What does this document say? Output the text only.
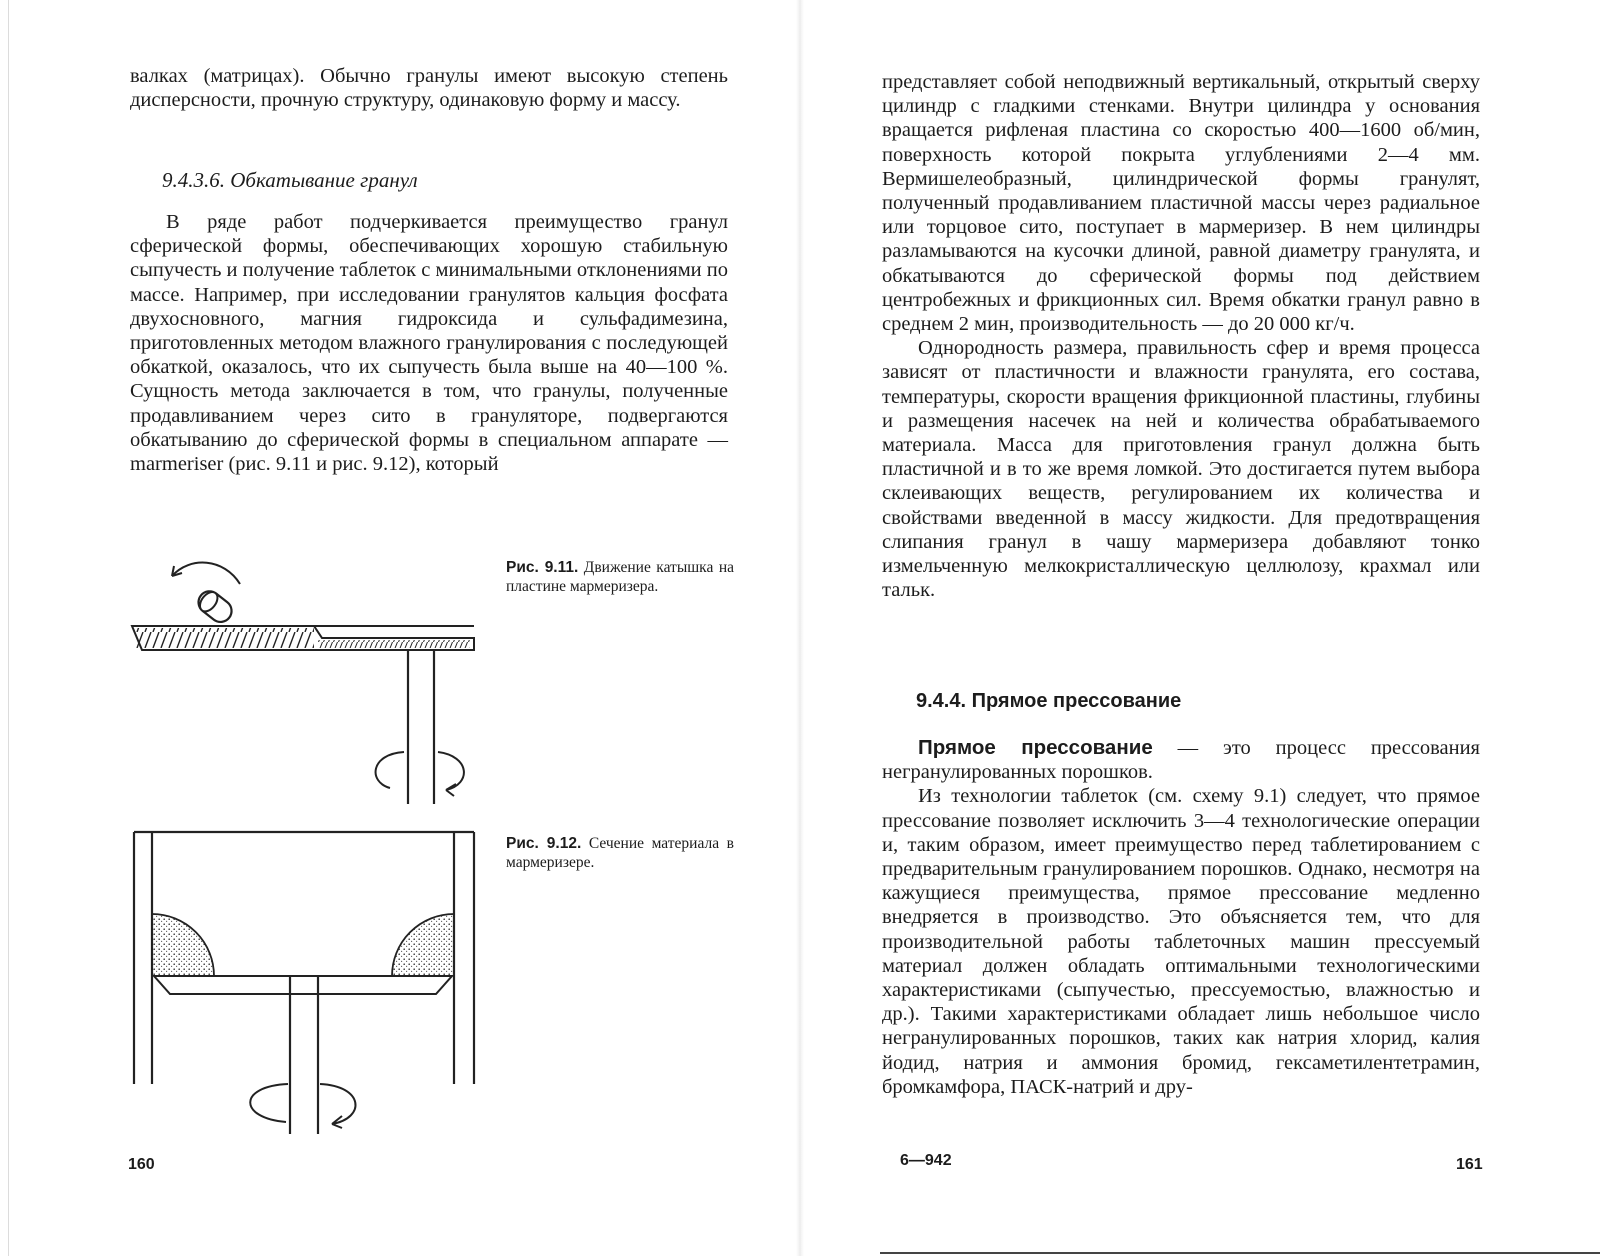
валках (матрицах). Обычно гранулы имеют высокую степень дисперсности, прочную структуру, одинаковую форму и массу.

9.4.3.6. Обкатывание гранул

В ряде работ подчеркивается преимущество гранул сферической формы, обеспечивающих хорошую стабильную сыпучесть и получение таблеток с минимальными отклонениями по массе. Например, при исследовании гранулятов кальция фосфата двухосновного, магния гидроксида и сульфадимезина, приготовленных методом влажного гранулирования с последующей обкаткой, оказалось, что их сыпучесть была выше на 40—100 %. Сущность метода заключается в том, что гранулы, полученные продавливанием через сито в грануляторе, подвергаются обкатыванию до сферической формы в специальном аппарате — marmeriser (рис. 9.11 и рис. 9.12), который

Рис. 9.11. Движение катышка на пластине мармеризера.
Рис. 9.12. Сечение материала в мармеризере.
160

представляет собой неподвижный вертикальный, открытый сверху цилиндр с гладкими стенками. Внутри цилиндра у основания вращается рифленая пластина со скоростью 400—1600 об/мин, поверхность которой покрыта углублениями 2—4 мм. Вермишелеобразный, цилиндрической формы гранулят, полученный продавливанием пластичной массы через радиальное или торцовое сито, поступает в мармеризер. В нем цилиндры разламываются на кусочки длиной, равной диаметру гранулята, и обкатываются до сферической формы под действием центробежных и фрикционных сил. Время обкатки гранул равно в среднем 2 мин, производительность — до 20 000 кг/ч.

Однородность размера, правильность сфер и время процесса зависят от пластичности и влажности гранулята, его состава, температуры, скорости вращения фрикционной пластины, глубины и размещения насечек на ней и количества обрабатываемого материала. Масса для приготовления гранул должна быть пластичной и в то же время ломкой. Это достигается путем выбора склеивающих веществ, регулированием их количества и свойствами введенной в массу жидкости. Для предотвращения слипания гранул в чашу мармеризера добавляют тонко измельченную мелкокристаллическую целлюлозу, крахмал или тальк.

9.4.4. Прямое прессование

Прямое прессование — это процесс прессования негранулированных порошков.

Из технологии таблеток (см. схему 9.1) следует, что прямое прессование позволяет исключить 3—4 технологические операции и, таким образом, имеет преимущество перед таблетированием с предварительным гранулированием порошков. Однако, несмотря на кажущиеся преимущества, прямое прессование медленно внедряется в производство. Это объясняется тем, что для производительной работы таблеточных машин прессуемый материал должен обладать оптимальными технологическими характеристиками (сыпучестью, прессуемостью, влажностью и др.). Такими характеристиками обладает лишь небольшое число негранулированных порошков, таких как натрия хлорид, калия йодид, натрия и аммония бромид, гексаметилентетрамин, бромкамфора, ПАСК-натрий и дру-

6—942	161
